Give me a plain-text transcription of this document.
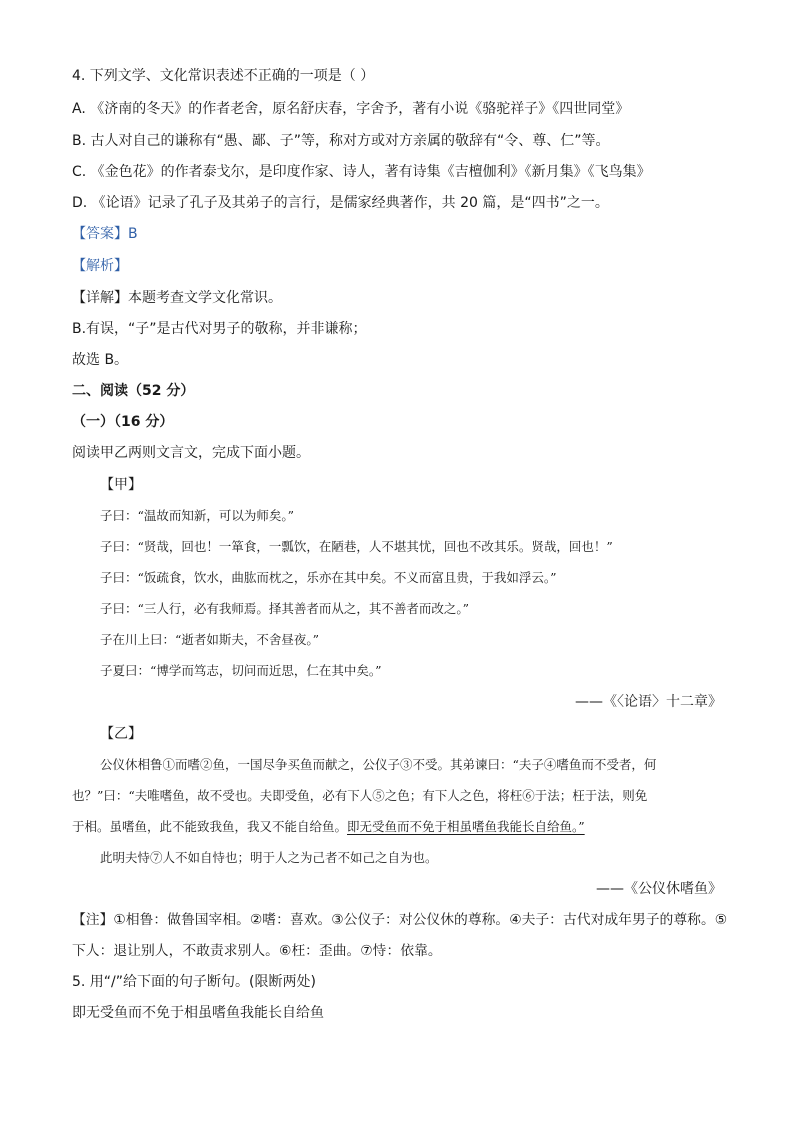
4. 下列文学、文化常识表述不正确的一项是（ ）
A. 《济南的冬天》的作者老舍，原名舒庆春，字舍予，著有小说《骆驼祥子》《四世同堂》
B. 古人对自己的谦称有“愚、鄙、子”等，称对方或对方亲属的敬辞有“令、尊、仁”等。
C. 《金色花》的作者泰戈尔，是印度作家、诗人，著有诗集《吉檀伽利》《新月集》《飞鸟集》
D. 《论语》记录了孔子及其弟子的言行，是儒家经典著作，共 20 篇，是“四书”之一。
【答案】B
【解析】
【详解】本题考查文学文化常识。
B.有误，“子”是古代对男子的敬称，并非谦称；
故选 B。
二、阅读（52 分）
（一）（16 分）
阅读甲乙两则文言文，完成下面小题。
【甲】
子曰：“温故而知新，可以为师矣。”
子曰：“贤哉，回也！一箪食，一瓢饮，在陋巷，人不堪其忧，回也不改其乐。贤哉，回也！”
子曰：“饭疏食，饮水，曲肱而枕之，乐亦在其中矣。不义而富且贵，于我如浮云。”
子曰：“三人行，必有我师焉。择其善者而从之，其不善者而改之。”
子在川上曰：“逝者如斯夫，不舍昼夜。”
子夏曰：“博学而笃志，切问而近思，仁在其中矣。”
——《〈论语〉十二章》
【乙】
公仪休相鲁①而嗜②鱼，一国尽争买鱼而献之，公仪子③不受。其弟谏曰：“夫子④嗜鱼而不受者，何
也？”曰：“夫唯嗜鱼，故不受也。夫即受鱼，必有下人⑤之色；有下人之色，将枉⑥于法；枉于法，则免
于相。虽嗜鱼，此不能致我鱼，我又不能自给鱼。即无受鱼而不免于相虽嗜鱼我能长自给鱼。”
此明夫恃⑦人不如自恃也；明于人之为己者不如己之自为也。
——《公仪休嗜鱼》
【注】①相鲁：做鲁国宰相。②嗜：喜欢。③公仪子：对公仪休的尊称。④夫子：古代对成年男子的尊称。⑤
下人：退让别人，不敢责求别人。⑥枉：歪曲。⑦恃：依靠。
5. 用“/”给下面的句子断句。(限断两处)
即无受鱼而不免于相虽嗜鱼我能长自给鱼
